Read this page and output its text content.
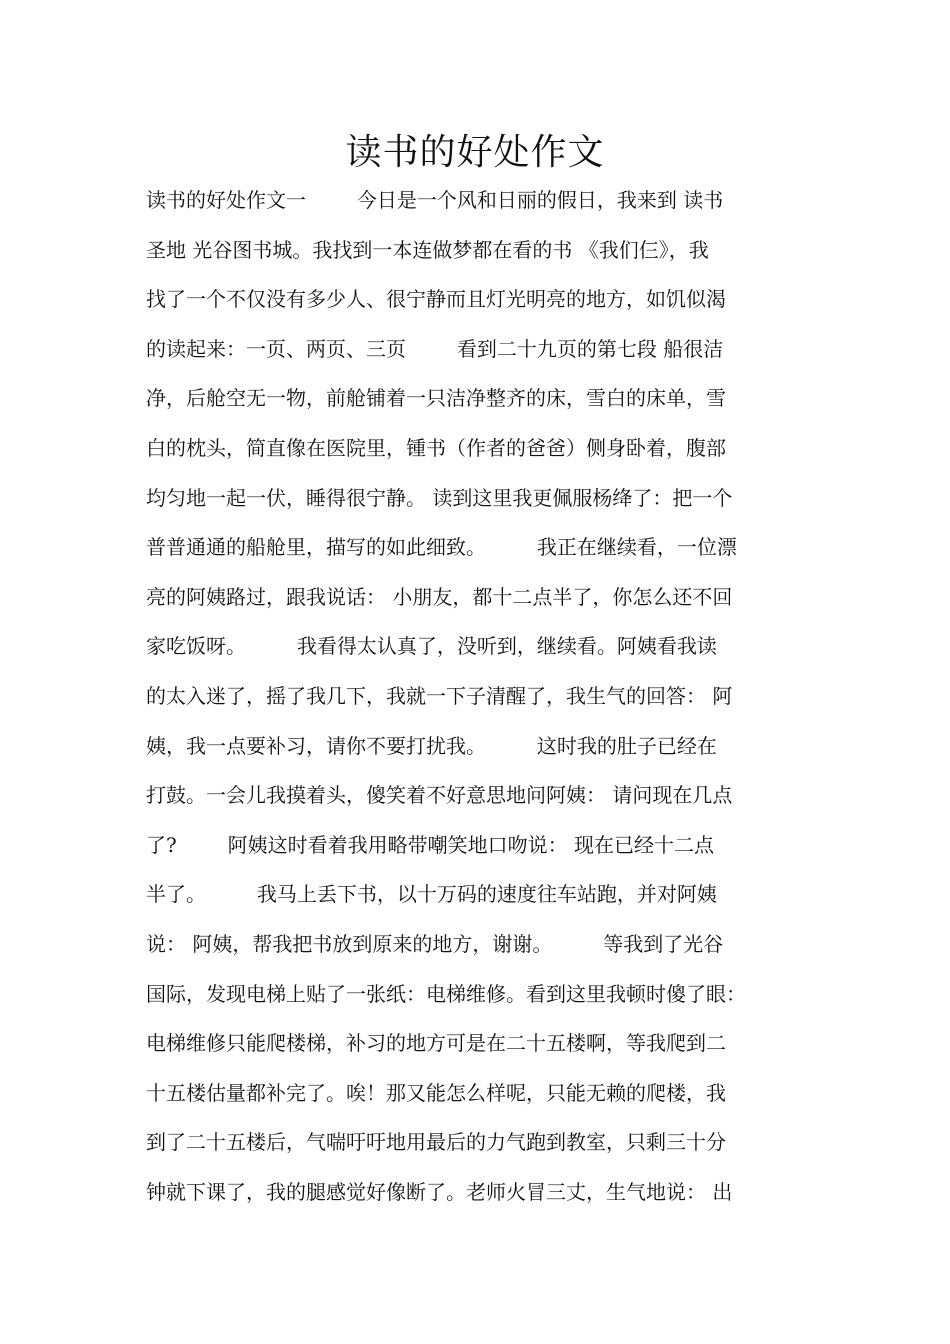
读书的好处作文
读书的好处作文一        今日是一个风和日丽的假日，我来到 读书
圣地 光谷图书城。我找到一本连做梦都在看的书 《我们仨》，我
找了一个不仅没有多少人、很宁静而且灯光明亮的地方，如饥似渴
的读起来：一页、两页、三页        看到二十九页的第七段 船很洁
净，后舱空无一物，前舱铺着一只洁净整齐的床，雪白的床单，雪
白的枕头，简直像在医院里，锺书（作者的爸爸）侧身卧着，腹部
均匀地一起一伏，睡得很宁静。 读到这里我更佩服杨绛了：把一个
普普通通的船舱里，描写的如此细致。        我正在继续看，一位漂
亮的阿姨路过，跟我说话： 小朋友，都十二点半了，你怎么还不回
家吃饭呀。        我看得太认真了，没听到，继续看。阿姨看我读
的太入迷了，摇了我几下，我就一下子清醒了，我生气的回答： 阿
姨，我一点要补习，请你不要打扰我。        这时我的肚子已经在
打鼓。一会儿我摸着头，傻笑着不好意思地问阿姨： 请问现在几点
了?        阿姨这时看着我用略带嘲笑地口吻说： 现在已经十二点
半了。        我马上丢下书，以十万码的速度往车站跑，并对阿姨
说： 阿姨，帮我把书放到原来的地方，谢谢。        等我到了光谷
国际，发现电梯上贴了一张纸：电梯维修。看到这里我顿时傻了眼：
电梯维修只能爬楼梯，补习的地方可是在二十五楼啊，等我爬到二
十五楼估量都补完了。唉！那又能怎么样呢，只能无赖的爬楼，我
到了二十五楼后，气喘吁吁地用最后的力气跑到教室，只剩三十分
钟就下课了，我的腿感觉好像断了。老师火冒三丈，生气地说： 出
